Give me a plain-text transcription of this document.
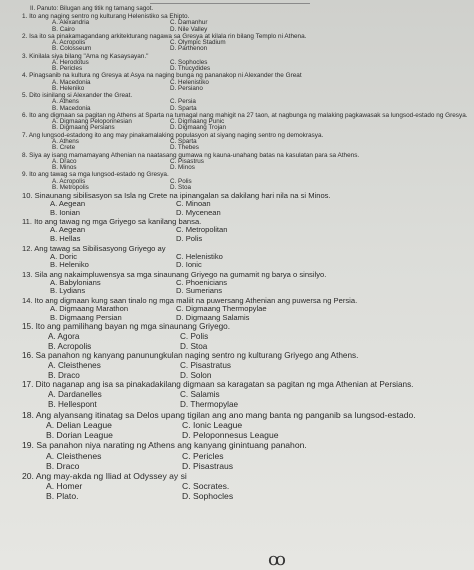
II. Panuto: Bilugan ang titik ng tamang sagot.
1. Ito ang naging sentro ng kulturang Helenistiko sa Ehipto.
A. Alexandria	C. Damanhur
B. Cairo	D. Nile Valley
2. Isa ito sa pinakamagandang arkitekturang nagawa sa Gresya at kilala rin bilang Templo ni Athena.
A. Acropolis	C. Olympic Stadium
B. Colosseum	D. Parthenon
3. Kinilala siya bilang "Ama ng Kasaysayan."
A. Herodotus	C. Sophocles
B. Pericles	D. Thucydides
4. Pinagsanib na kultura ng Gresya at Asya na naging bunga ng pananakop ni Alexander the Great
A. Macedonia	C. Helenistiko
B. Heleniko	D. Persiano
5. Dito isinilang si Alexander the Great.
A. Athens	C. Persia
B. Macedonia	D. Sparta
6. Ito ang digmaan sa pagitan ng Athens at Sparta na tumagal nang mahigit na 27 taon, at nagbunga ng malaking pagkawasak sa lungsod-estado ng Gresya.
A. Digmaang Peloponnesian	C. Digmaang Punic
B. Digmaang Persians	D. Digmaang Trojan
7. Ang lungsod-estadong ito ang may pinakamalaking populasyon at siyang naging sentro ng demokrasya.
A. Athens	C. Sparta
B. Crete	D. Thebes
8. Siya ay isang mamamayang Athenian na naatasang gumawa ng kauna-unahang batas na kasulatan para sa Athens.
A. Draco	C. Pisastrus
B. Minos	D. Minos
9. Ito ang tawag sa mga lungsod-estado ng Gresya.
A. Acropolis	C. Polis
B. Metropolis	D. Stoa
10. Sinaunang sibilisasyon sa Isla ng Crete na ipinangalan sa dakilang hari nila na si Minos.
A. Aegean	C. Minoan
B. Ionian	D. Mycenean
11. Ito ang tawag ng mga Griyego sa kanilang bansa.
A. Aegean	C. Metropolitan
B. Hellas	D. Polis
12. Ang tawag sa Sibilisasyong Griyego ay
A. Doric	C. Helenistiko
B. Heleniko	D. Ionic
13. Sila ang nakaimpluwensya sa mga sinaunang Griyego na gumamit ng barya o sinsilyo.
A. Babylonians	C. Phoenicians
B. Lydians	D. Sumerians
14. Ito ang digmaan kung saan tinalo ng mga maliit na puwersang Athenian ang puwersa ng Persia.
A. Digmaang Marathon	C. Digmaang Thermopylae
B. Digmaang Persian	D. Digmaang Salamis
15. Ito ang pamilihang bayan ng mga sinaunang Griyego.
A. Agora	C. Polis
B. Acropolis	D. Stoa
16. Sa panahon ng kanyang panunungkulan naging sentro ng kulturang Griyego ang Athens.
A. Cleisthenes	C. Pisastratus
B. Draco	D. Solon
17. Dito naganap ang isa sa pinakadakilang digmaan sa karagatan sa pagitan ng mga Athenian at Persians.
A. Dardanelles	C. Salamis
B. Hellespont	D. Thermopylae
18. Ang alyansang itinatag sa Delos upang tigilan ang ano mang banta ng panganib sa lungsod-estado.
A. Delian League	C. Ionic League
B. Dorian League	D. Peloponnesus League
19. Sa panahon niya narating ng Athens ang kanyang ginintuang panahon.
A. Cleisthenes	C. Pericles
B. Draco	D. Pisastraus
20. Ang may-akda ng Iliad at Odyssey ay si
A. Homer	C. Socrates.
B. Plato.	D. Sophocles
ꝏ
